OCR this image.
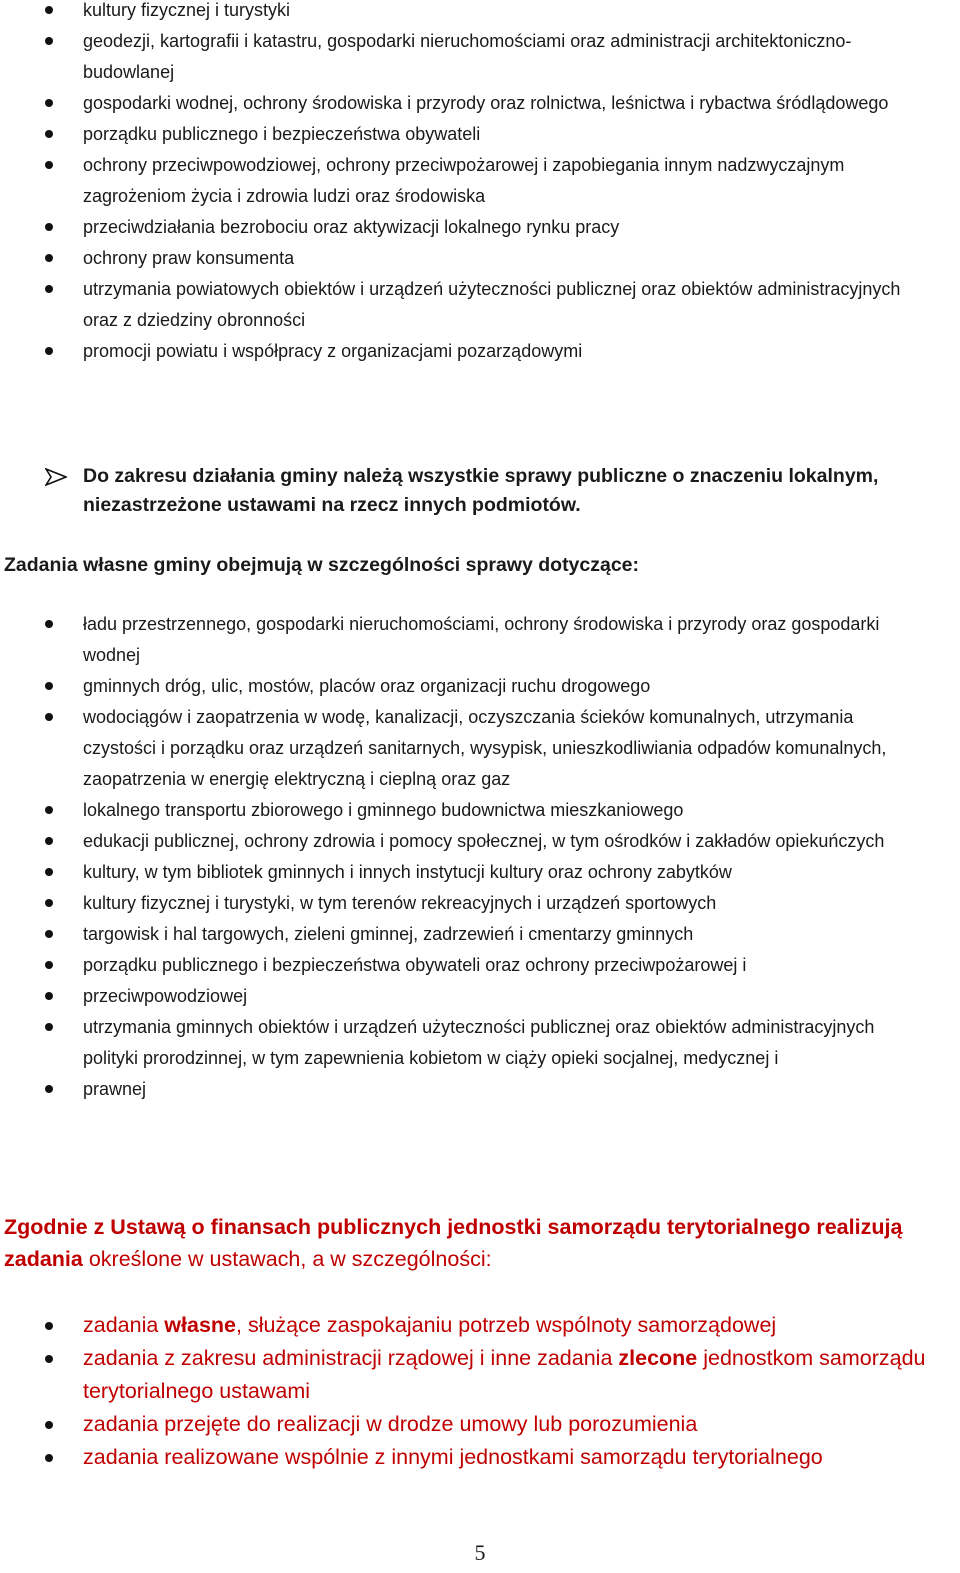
kultury fizycznej i turystyki
geodezji, kartografii i katastru, gospodarki nieruchomościami oraz administracji architektoniczno-budowlanej
gospodarki wodnej, ochrony środowiska i przyrody oraz rolnictwa, leśnictwa i rybactwa śródlądowego
porządku publicznego i bezpieczeństwa obywateli
ochrony przeciwpowodziowej, ochrony przeciwpożarowej i zapobiegania innym nadzwyczajnym zagrożeniom życia i zdrowia ludzi oraz środowiska
przeciwdziałania bezrobociu oraz aktywizacji lokalnego rynku pracy
ochrony praw konsumenta
utrzymania powiatowych obiektów i urządzeń użyteczności publicznej oraz obiektów administracyjnych oraz z dziedziny obronności
promocji powiatu i współpracy z organizacjami pozarządowymi
Do zakresu działania gminy należą wszystkie sprawy publiczne o znaczeniu lokalnym, niezastrzeżone ustawami na rzecz innych podmiotów.
Zadania własne gminy obejmują w szczególności sprawy dotyczące:
ładu przestrzennego, gospodarki nieruchomościami, ochrony środowiska i przyrody oraz gospodarki wodnej
gminnych dróg, ulic, mostów, placów oraz organizacji ruchu drogowego
wodociągów i zaopatrzenia w wodę, kanalizacji, oczyszczania ścieków komunalnych, utrzymania czystości i porządku oraz urządzeń sanitarnych, wysypisk, unieszkodliwiania odpadów komunalnych, zaopatrzenia w energię elektryczną i cieplną oraz gaz
lokalnego transportu zbiorowego i gminnego budownictwa mieszkaniowego
edukacji publicznej, ochrony zdrowia i pomocy społecznej, w tym ośrodków i zakładów opiekuńczych
kultury, w tym bibliotek gminnych i innych instytucji kultury oraz ochrony zabytków
kultury fizycznej i turystyki, w tym terenów rekreacyjnych i urządzeń sportowych
targowisk i hal targowych, zieleni gminnej, zadrzewień i cmentarzy gminnych
porządku publicznego i bezpieczeństwa obywateli oraz ochrony przeciwpożarowej i
przeciwpowodziowej
utrzymania gminnych obiektów i urządzeń użyteczności publicznej oraz obiektów administracyjnych
polityki prorodzinnej, w tym zapewnienia kobietom w ciąży opieki socjalnej, medycznej i
prawnej
Zgodnie z Ustawą o finansach publicznych jednostki samorządu terytorialnego realizują zadania określone w ustawach, a w szczególności:
zadania własne, służące zaspokajaniu potrzeb wspólnoty samorządowej
zadania z zakresu administracji rządowej i inne zadania zlecone jednostkom samorządu terytorialnego ustawami
zadania przejęte do realizacji w drodze umowy lub porozumienia
zadania realizowane wspólnie z innymi jednostkami samorządu terytorialnego
5
